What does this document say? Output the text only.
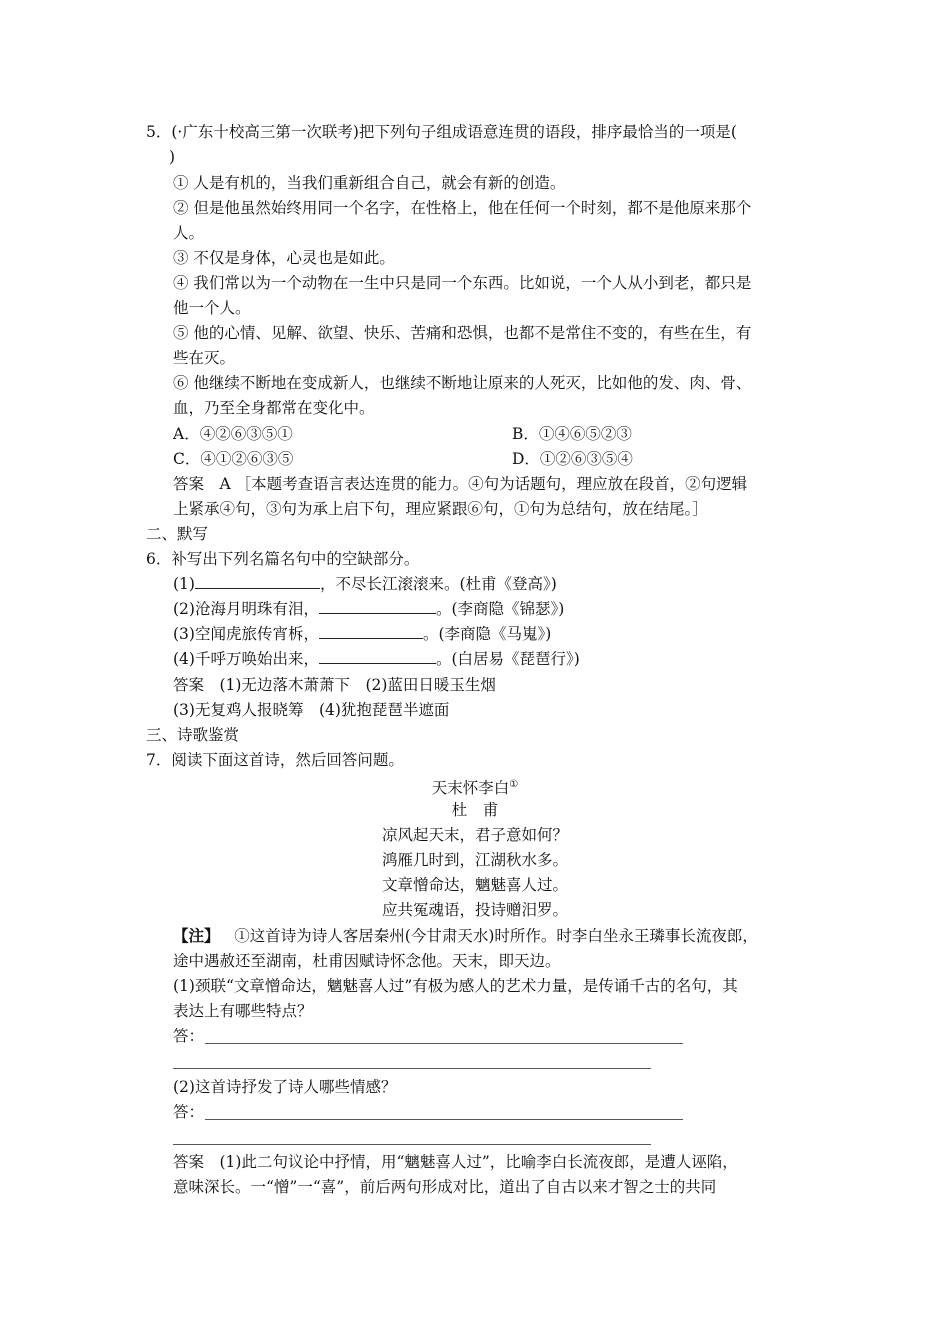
5．(·广东十校高三第一次联考)把下列句子组成语意连贯的语段，排序最恰当的一项是(
)
① 人是有机的，当我们重新组合自己，就会有新的创造。
② 但是他虽然始终用同一个名字，在性格上，他在任何一个时刻，都不是他原来那个
人。
③ 不仅是身体，心灵也是如此。
④ 我们常以为一个动物在一生中只是同一个东西。比如说，一个人从小到老，都只是
他一个人。
⑤ 他的心情、见解、欲望、快乐、苦痛和恐惧，也都不是常住不变的，有些在生，有
些在灭。
⑥ 他继续不断地在变成新人，也继续不断地让原来的人死灭，比如他的发、肉、骨、
血，乃至全身都常在变化中。
A．④②⑥③⑤①	B．①④⑥⑤②③
C．④①②⑥③⑤	D．①②⑥③⑤④
答案　A ［本题考查语言表达连贯的能力。④句为话题句，理应放在段首，②句逻辑
上紧承④句，③句为承上启下句，理应紧跟⑥句，①句为总结句，放在结尾。］
二、默写
6．补写出下列名篇名句中的空缺部分。
(1)	，不尽长江滚滚来。(杜甫《登高》)
(2)沧海月明珠有泪，	。(李商隐《锦瑟》)
(3)空闻虎旅传宵柝，	。(李商隐《马嵬》)
(4)千呼万唤始出来，	。(白居易《琵琶行》)
答案　(1)无边落木萧萧下　(2)蓝田日暖玉生烟
(3)无复鸡人报晓筹　(4)犹抱琵琶半遮面
三、诗歌鉴赏
7．阅读下面这首诗，然后回答问题。
天末怀李白①
杜　甫
凉风起天末，君子意如何？
鸿雁几时到，江湖秋水多。
文章憎命达，魑魅喜人过。
应共冤魂语，投诗赠汨罗。
【注】 ①这首诗为诗人客居秦州(今甘肃天水)时所作。时李白坐永王璘事长流夜郎，
途中遇赦还至湖南，杜甫因赋诗怀念他。天末，即天边。
(1)颈联“文章憎命达，魑魅喜人过”有极为感人的艺术力量，是传诵千古的名句，其
表达上有哪些特点？
答：
(2)这首诗抒发了诗人哪些情感？
答：
答案　(1)此二句议论中抒情，用“魑魅喜人过”，比喻李白长流夜郎，是遭人诬陷，
意味深长。一“憎”一“喜”，前后两句形成对比，道出了自古以来才智之士的共同
